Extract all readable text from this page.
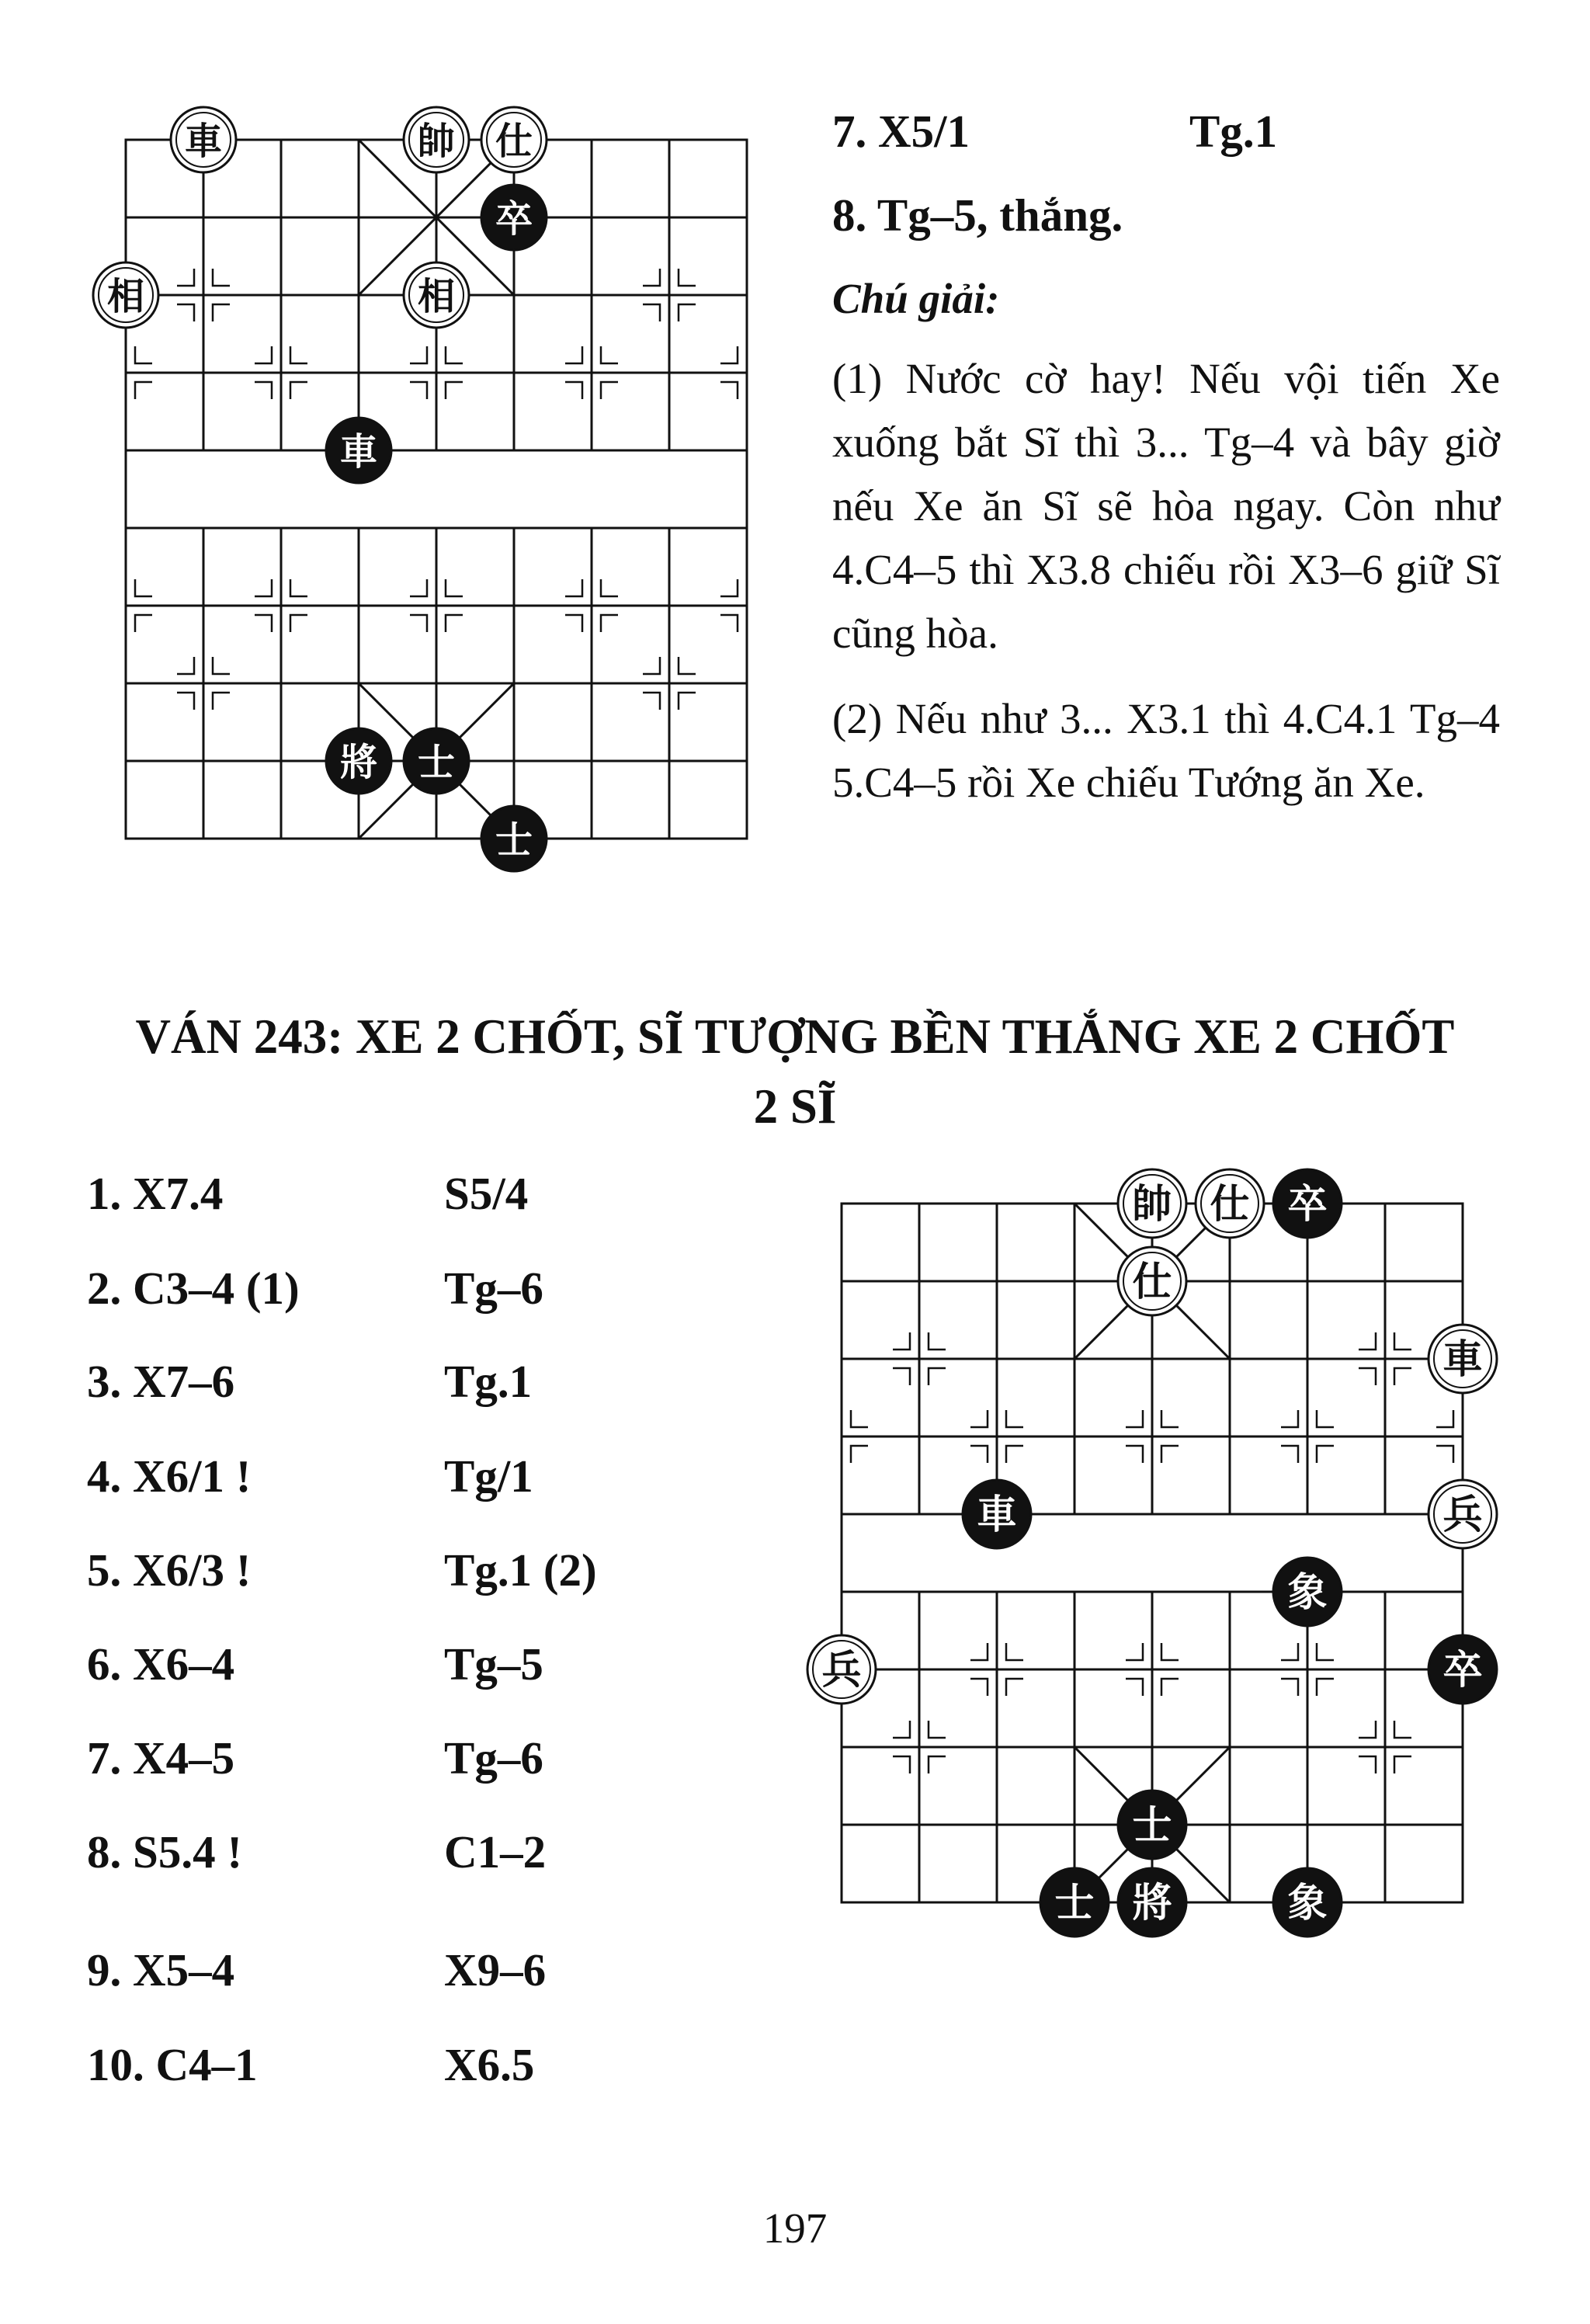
車	帥 仕
卒
相	相
車
將 士
士
7. X5/1	Tg.1
8. Tg–5, thắng.
Chú giải:
(1) Nước cờ hay! Nếu vội tiến Xe xuống bắt Sĩ thì 3... Tg–4 và bây giờ nếu Xe ăn Sĩ sẽ hòa ngay. Còn như 4.C4–5 thì X3.8 chiếu rồi X3–6 giữ Sĩ cũng hòa.
(2) Nếu như 3... X3.1 thì 4.C4.1 Tg–4 5.C4–5 rồi Xe chiếu Tướng ăn Xe.
VÁN 243: XE 2 CHỐT, SĨ TƯỢNG BỀN THẮNG XE 2 CHỐT
2 SĨ
1. X7.4	S5/4
2. C3–4 (1)	Tg–6
3. X7–6	Tg.1
4. X6/1 !	Tg/1
5. X6/3 !	Tg.1 (2)
6. X6–4	Tg–5
7. X4–5	Tg–6
8. S5.4 !	C1–2
9. X5–4	X9–6
10. C4–1	X6.5
帥 仕 卒
仕
車
車	兵
象
兵	卒
士
士 將	象
197
